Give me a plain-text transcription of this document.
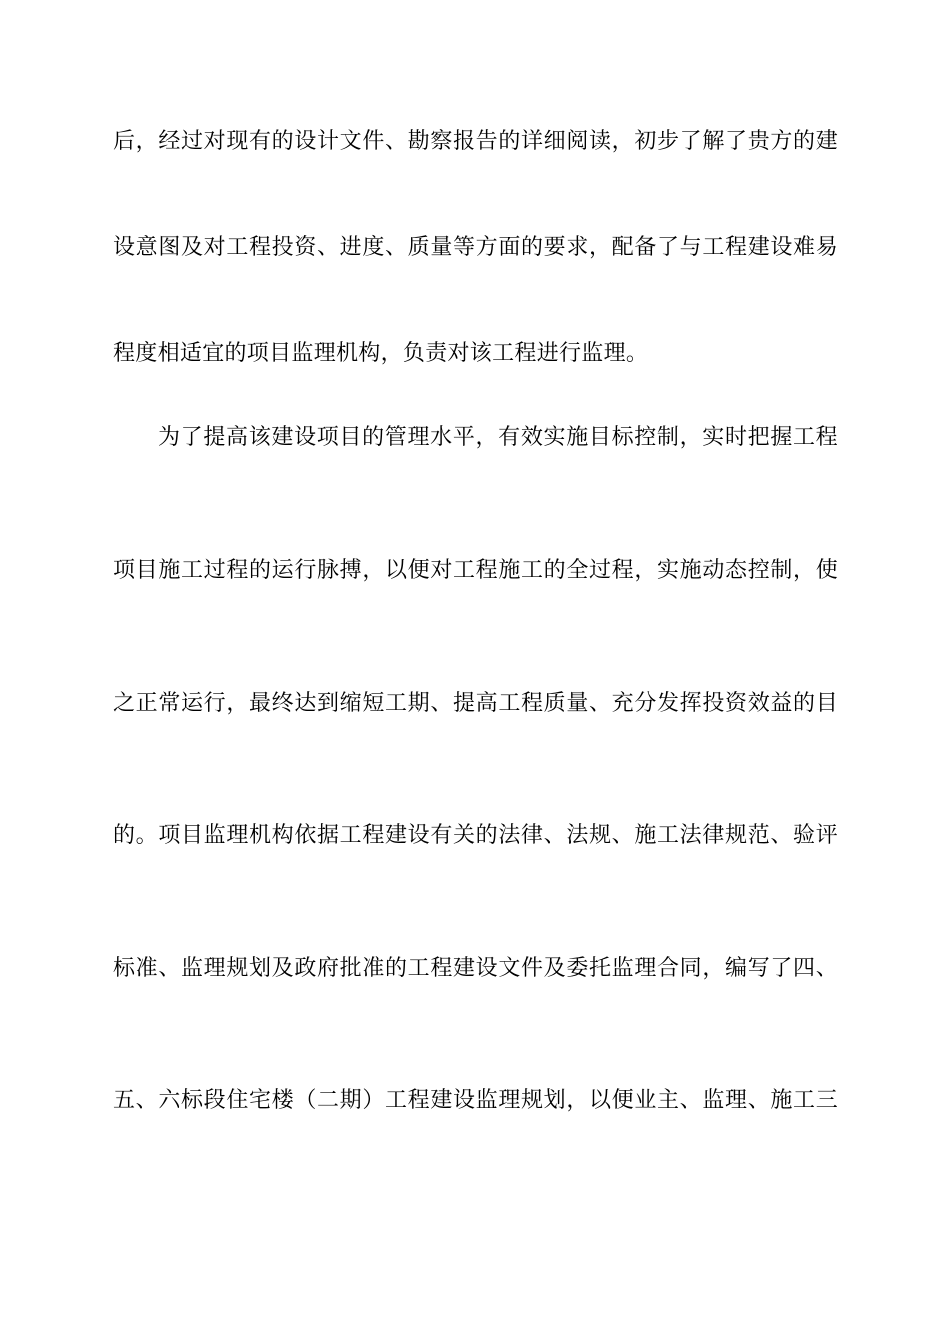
后，经过对现有的设计文件、勘察报告的详细阅读，初步了解了贵方的建
设意图及对工程投资、进度、质量等方面的要求，配备了与工程建设难易
程度相适宜的项目监理机构，负责对该工程进行监理。
为了提高该建设项目的管理水平，有效实施目标控制，实时把握工程
项目施工过程的运行脉搏，以便对工程施工的全过程，实施动态控制，使
之正常运行，最终达到缩短工期、提高工程质量、充分发挥投资效益的目
的。项目监理机构依据工程建设有关的法律、法规、施工法律规范、验评
标准、监理规划及政府批准的工程建设文件及委托监理合同，编写了四、
五、六标段住宅楼（二期）工程建设监理规划，以便业主、监理、施工三
